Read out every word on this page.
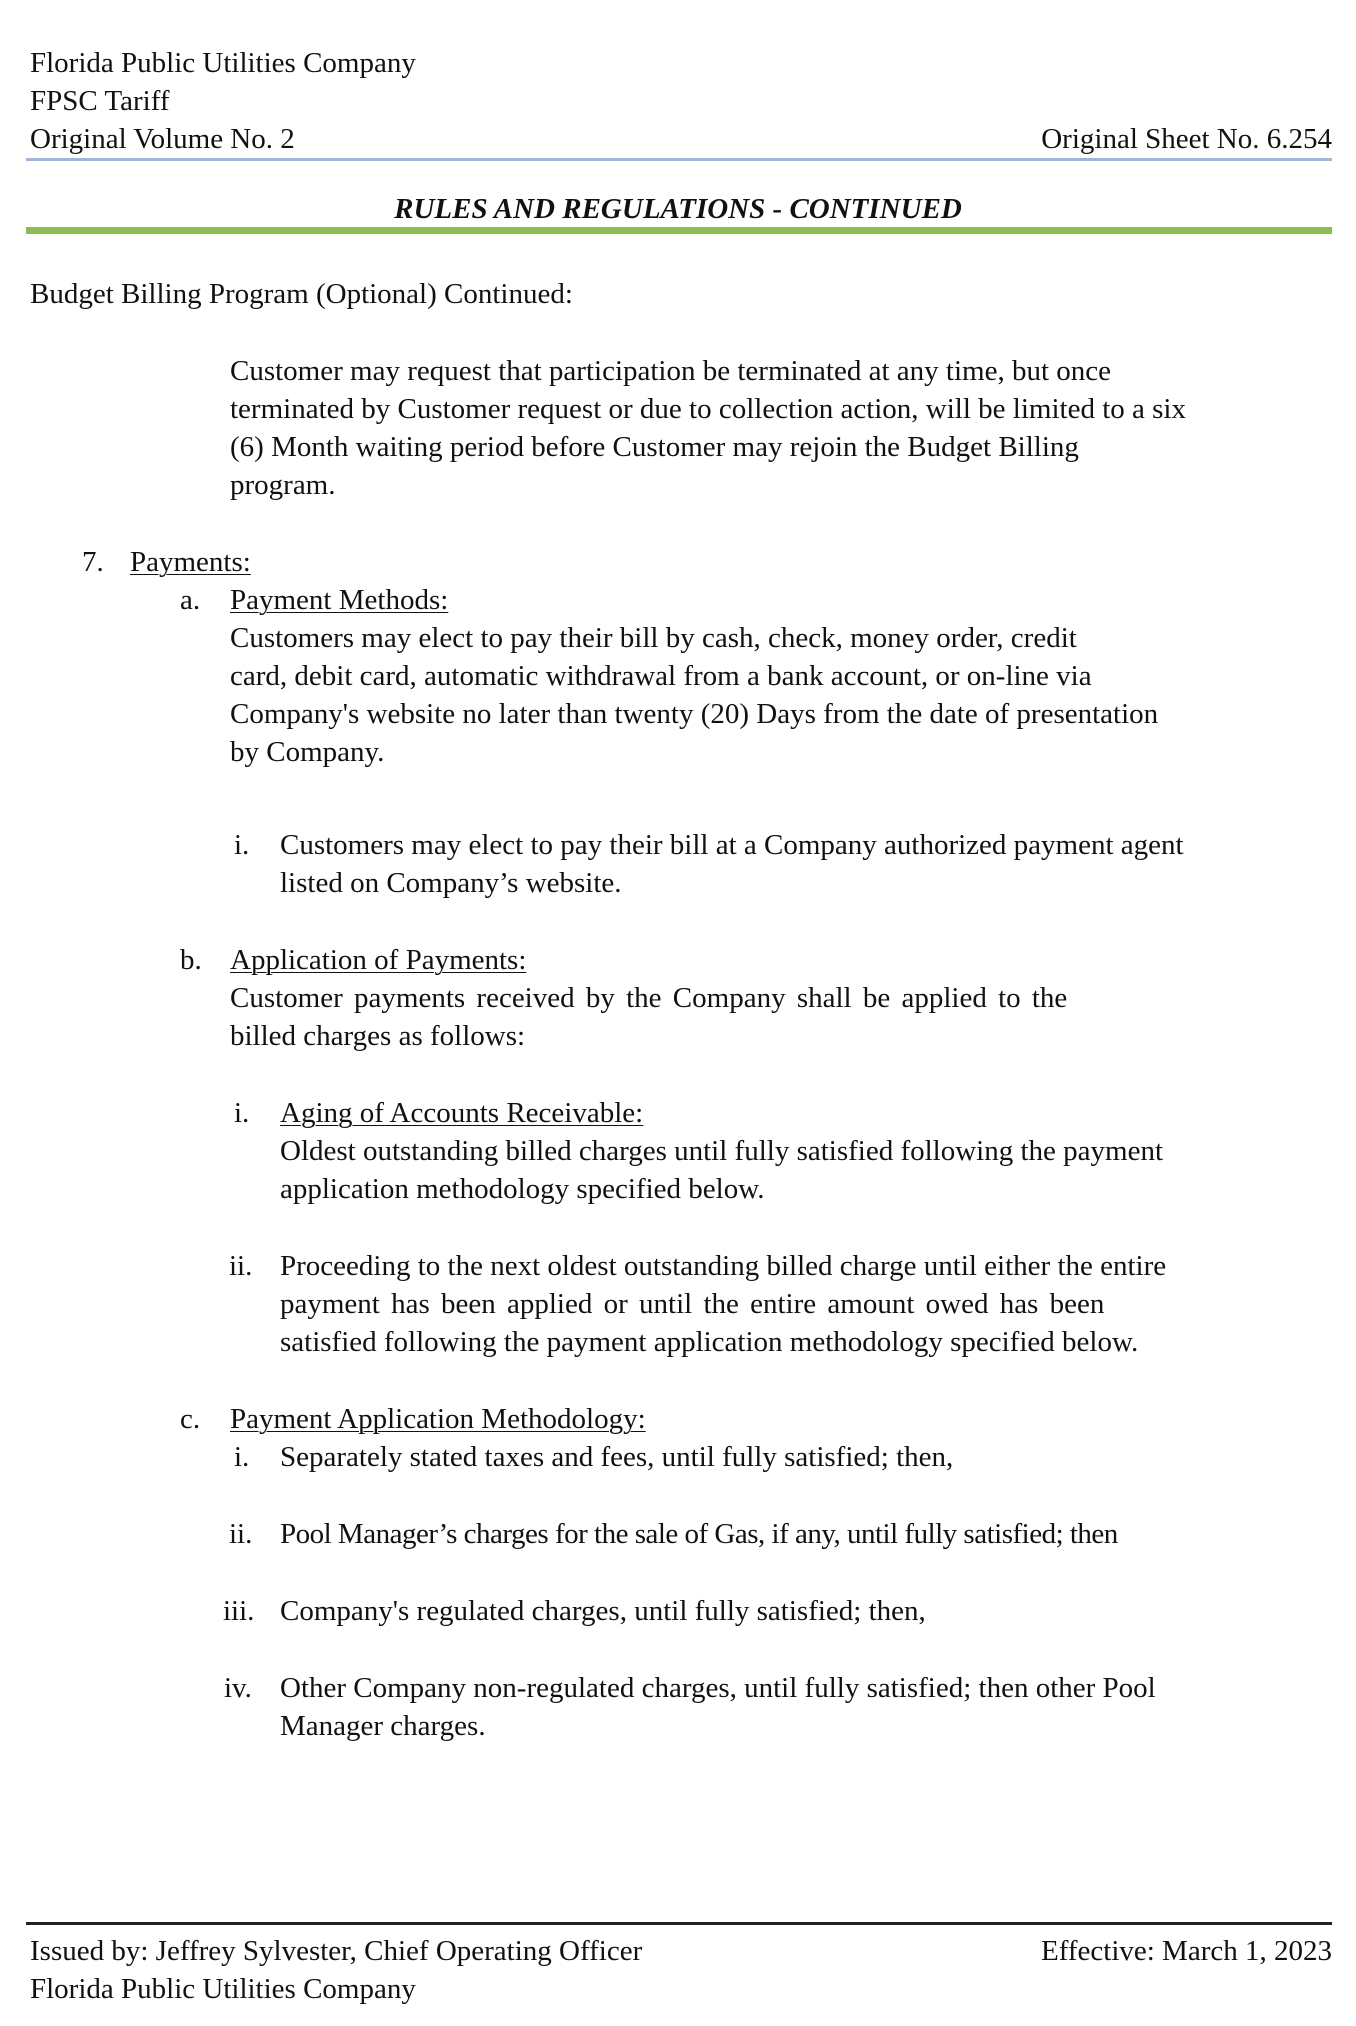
Florida Public Utilities Company
FPSC Tariff
Original Volume No. 2	Original Sheet No. 6.254
RULES AND REGULATIONS - CONTINUED
Budget Billing Program (Optional) Continued:
Customer may request that participation be terminated at any time, but once
terminated by Customer request or due to collection action, will be limited to a six
(6) Month waiting period before Customer may rejoin the Budget Billing
program.
7. Payments:
a. Payment Methods:
Customers may elect to pay their bill by cash, check, money order, credit
card, debit card, automatic withdrawal from a bank account, or on-line via
Company's website no later than twenty (20) Days from the date of presentation
by Company.
i. Customers may elect to pay their bill at a Company authorized payment agent
listed on Company’s website.
b. Application of Payments:
Customer payments received by the Company shall be applied to the
billed charges as follows:
i. Aging of Accounts Receivable:
Oldest outstanding billed charges until fully satisfied following the payment
application methodology specified below.
ii. Proceeding to the next oldest outstanding billed charge until either the entire
payment has been applied or until the entire amount owed has been
satisfied following the payment application methodology specified below.
c. Payment Application Methodology:
i. Separately stated taxes and fees, until fully satisfied; then,
ii. Pool Manager’s charges for the sale of Gas, if any, until fully satisfied; then
iii. Company's regulated charges, until fully satisfied; then,
iv. Other Company non-regulated charges, until fully satisfied; then other Pool
Manager charges.
Issued by: Jeffrey Sylvester, Chief Operating Officer	Effective: March 1, 2023
Florida Public Utilities Company
